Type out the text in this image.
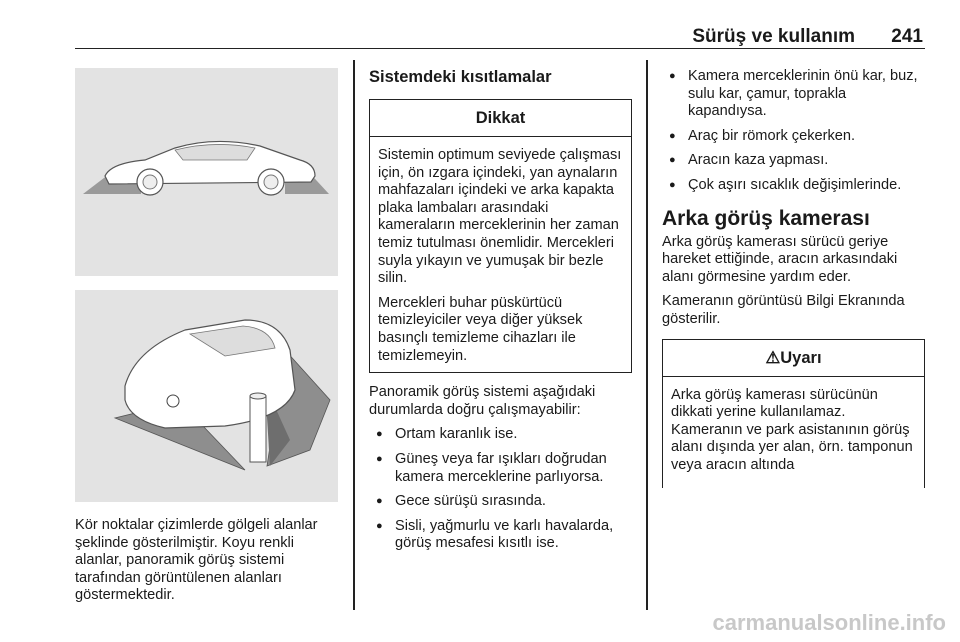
Sürüş ve kullanım 241

Kör noktalar çizimlerde gölgeli alanlar şeklinde gösterilmiştir. Koyu renkli alanlar, panoramik görüş sistemi tarafından görüntülenen alanları göstermektedir.

Sistemdeki kısıtlamalar
Dikkat

Sistemin optimum seviyede çalışması için, ön ızgara içindeki, yan aynaların mahfazaları içindeki ve arka kapakta plaka lambaları arasındaki kameraların merceklerinin her zaman temiz tutulması önemlidir. Mercekleri suyla yıkayın ve yumuşak bir bezle silin.

Mercekleri buhar püskürtücü temizleyiciler veya diğer yüksek basınçlı temizleme cihazları ile temizlemeyin.

Panoramik görüş sistemi aşağıdaki durumlarda doğru çalışmayabilir:

● Ortam karanlık ise.
● Güneş veya far ışıkları doğrudan kamera merceklerine parlıyorsa.
● Gece sürüşü sırasında.
● Sisli, yağmurlu ve karlı havalarda, görüş mesafesi kısıtlı ise.
● Kamera merceklerinin önü kar, buz, sulu kar, çamur, toprakla kapandıysa.
● Araç bir römork çekerken.
● Aracın kaza yapması.
● Çok aşırı sıcaklık değişimlerinde.
Arka görüş kamerası

Arka görüş kamerası sürücü geriye hareket ettiğinde, aracın arkasındaki alanı görmesine yardım eder.

Kameranın görüntüsü Bilgi Ekranında gösterilir.

⚠Uyarı

Arka görüş kamerası sürücünün dikkati yerine kullanılamaz. Kameranın ve park asistanının görüş alanı dışında yer alan, örn. tamponun veya aracın altında

carmanualsonline.info
